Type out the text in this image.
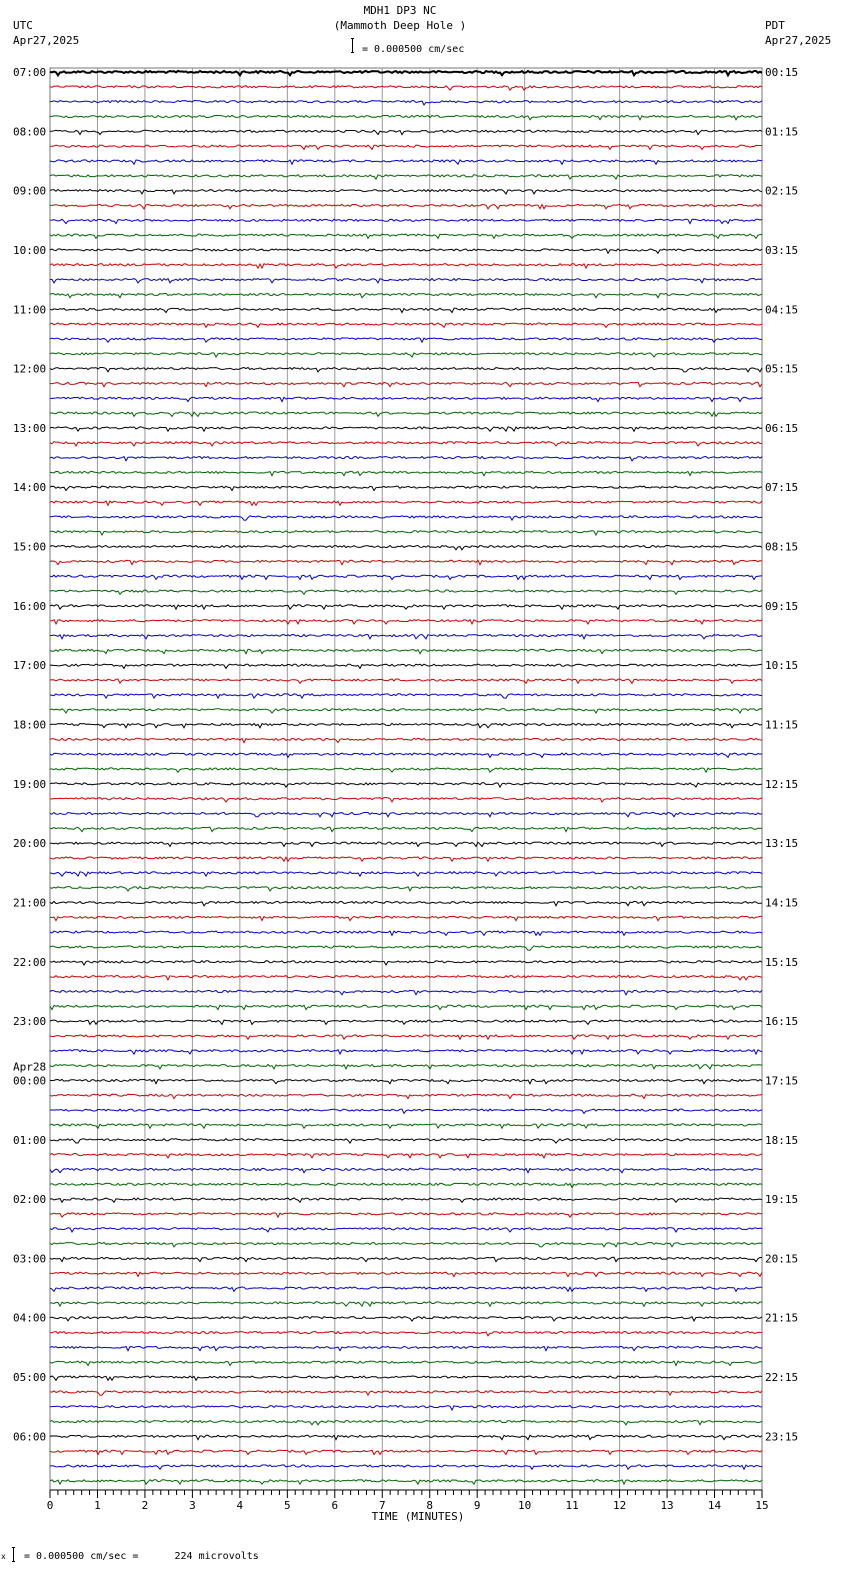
MDH1 DP3 NC
(Mammoth Deep Hole )
= 0.000500 cm/sec
UTC
Apr27,2025
PDT
Apr27,2025
07:00
08:00
09:00
10:00
11:00
12:00
13:00
14:00
15:00
16:00
17:00
18:00
19:00
20:00
21:00
22:00
23:00
00:00
01:00
02:00
03:00
04:00
05:00
06:00
00:15
01:15
02:15
03:15
04:15
05:15
06:15
07:15
08:15
09:15
10:15
11:15
12:15
13:15
14:15
15:15
16:15
17:15
18:15
19:15
20:15
21:15
22:15
23:15
Apr28
0	1	2	3	4	5	6	7	8	9	10	11	12	13	14	15
TIME (MINUTES)
x = 0.000500 cm/sec =      224 microvolts
